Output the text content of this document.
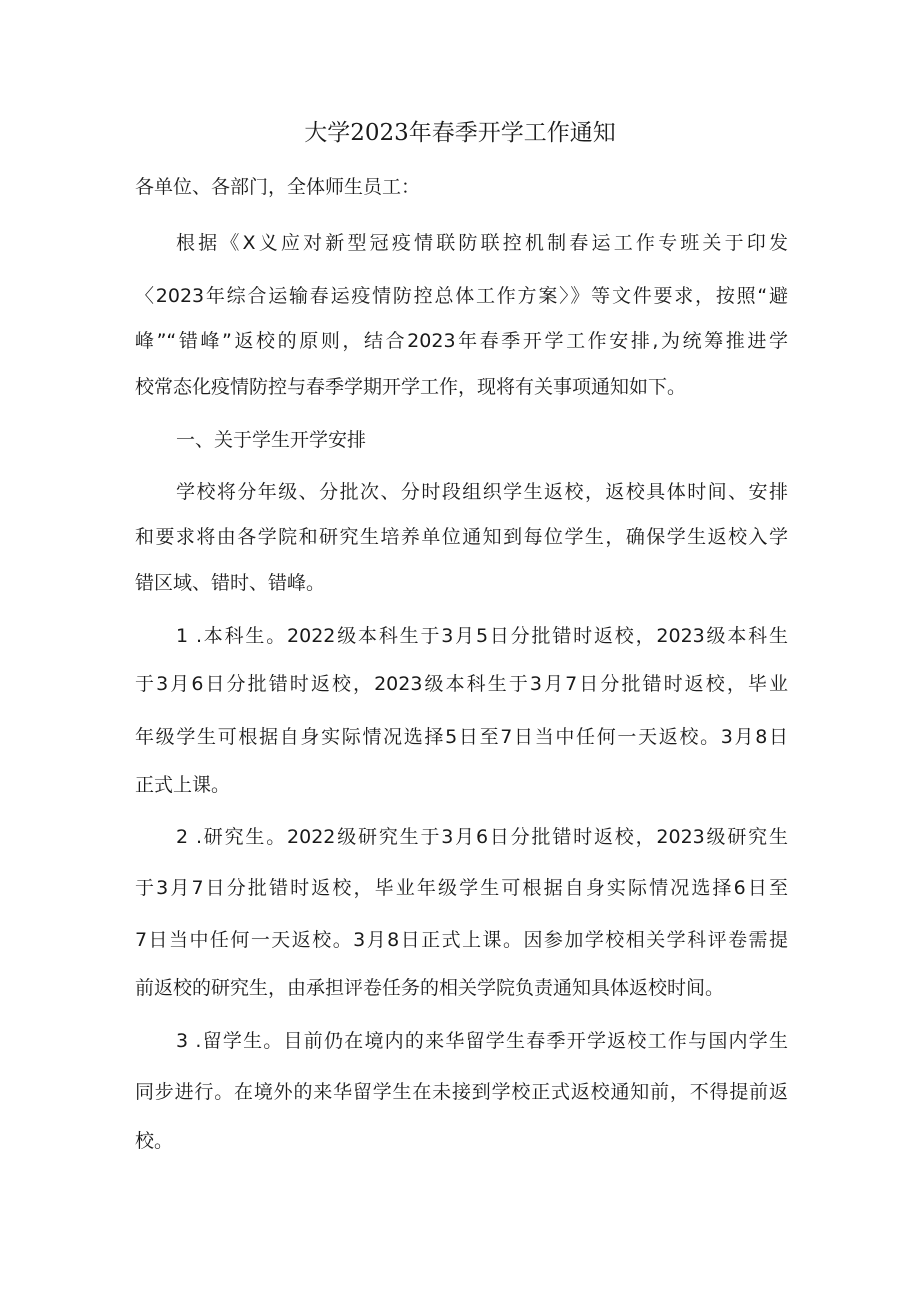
大学2023年春季开学工作通知

各单位、各部门，全体师生员工：

根据《X义应对新型冠疫情联防联控机制春运工作专班关于印发

〈2023年综合运输春运疫情防控总体工作方案〉》等文件要求，按照“避

峰”“错峰”返校的原则，结合2023年春季开学工作安排,为统筹推进学

校常态化疫情防控与春季学期开学工作，现将有关事项通知如下。

一、关于学生开学安排

学校将分年级、分批次、分时段组织学生返校，返校具体时间、安排

和要求将由各学院和研究生培养单位通知到每位学生，确保学生返校入学

错区域、错时、错峰。

1 .本科生。2022级本科生于3月5日分批错时返校，2023级本科生

于3月6日分批错时返校，2023级本科生于3月7日分批错时返校，毕业

年级学生可根据自身实际情况选择5日至7日当中任何一天返校。3月8日

正式上课。

2 .研究生。2022级研究生于3月6日分批错时返校，2023级研究生

于3月7日分批错时返校，毕业年级学生可根据自身实际情况选择6日至

7日当中任何一天返校。3月8日正式上课。因参加学校相关学科评卷需提

前返校的研究生，由承担评卷任务的相关学院负责通知具体返校时间。

3 .留学生。目前仍在境内的来华留学生春季开学返校工作与国内学生

同步进行。在境外的来华留学生在未接到学校正式返校通知前，不得提前返

校。
